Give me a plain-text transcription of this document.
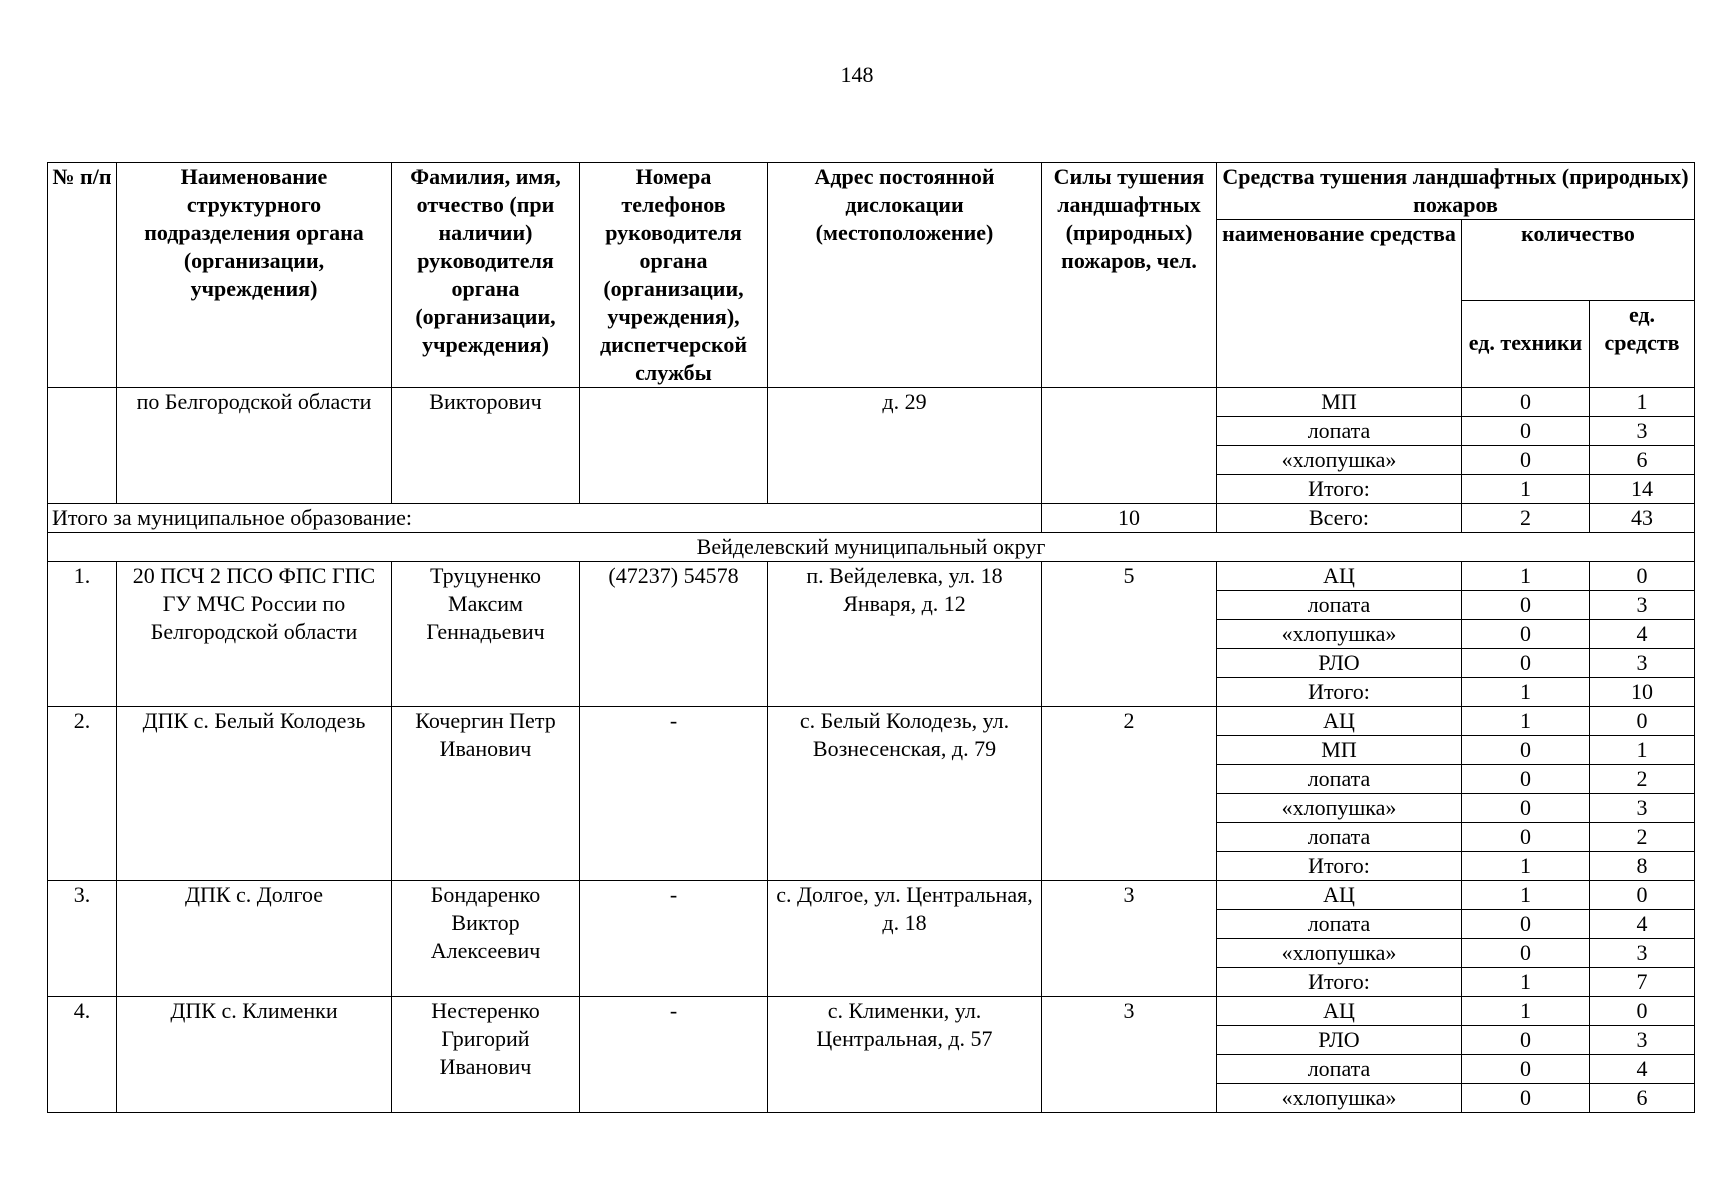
148
№ п/п	Наименование структурного подразделения органа (организации, учреждения)	Фамилия, имя, отчество (при наличии) руководителя органа (организации, учреждения)	Номера телефонов руководителя органа (организации, учреждения), диспетчерской службы	Адрес постоянной дислокации (местоположение)	Силы тушения ландшафтных (природных) пожаров, чел.	Средства тушения ландшафтных (природных) пожаров		
						наименование средства	количество	
							ед. техники	ед. средств
	по Белгородской области	Викторович		д. 29		МП	0	1
						лопата	0	3
						«хлопушка»	0	6
						Итого:	1	14
Итого за муниципальное образование:					10	Всего:	2	43
Вейделевский муниципальный округ								
1.	20 ПСЧ 2 ПСО ФПС ГПС ГУ МЧС России по Белгородской области	Труцуненко Максим Геннадьевич	(47237) 54578	п. Вейделевка, ул. 18 Января, д. 12	5	АЦ	1	0
						лопата	0	3
						«хлопушка»	0	4
						РЛО	0	3
						Итого:	1	10
2.	ДПК с. Белый Колодезь	Кочергин Петр Иванович	-	с. Белый Колодезь, ул. Вознесенская, д. 79	2	АЦ	1	0
						МП	0	1
						лопата	0	2
						«хлопушка»	0	3
						лопата	0	2
						Итого:	1	8
3.	ДПК с. Долгое	Бондаренко Виктор Алексеевич	-	с. Долгое, ул. Центральная, д. 18	3	АЦ	1	0
						лопата	0	4
						«хлопушка»	0	3
						Итого:	1	7
4.	ДПК с. Клименки	Нестеренко Григорий Иванович	-	с. Клименки, ул. Центральная, д. 57	3	АЦ	1	0
						РЛО	0	3
						лопата	0	4
						«хлопушка»	0	6
